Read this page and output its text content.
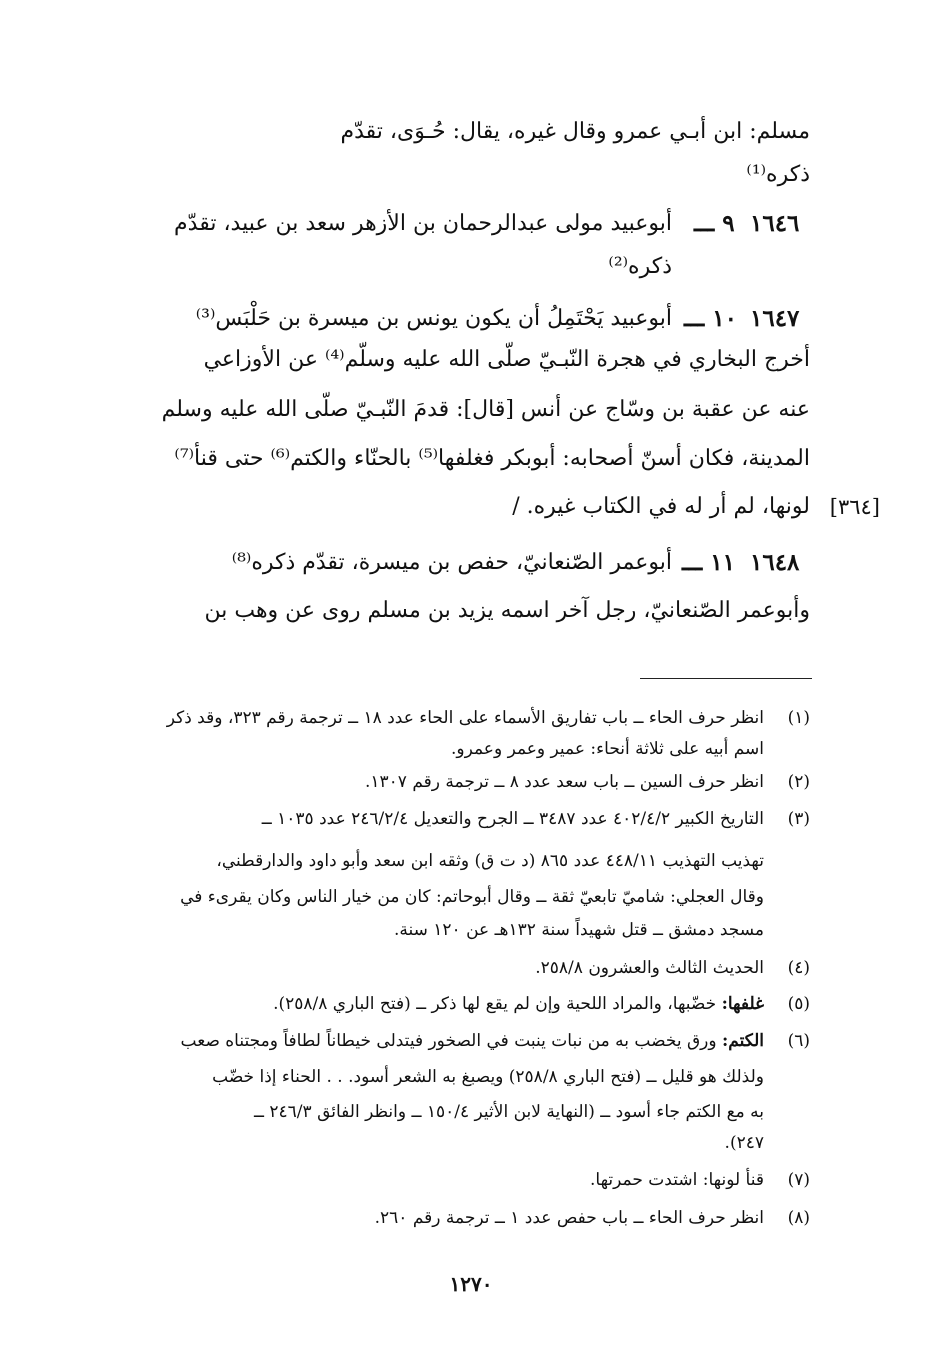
مسلم: ابن أبـي عمرو وقال غيره، يقال: حُـوَى، تقدّم
ذكره⁽¹⁾
١٦٤٦
٩ ـــ
أبوعبيد مولى عبدالرحمان بن الأزهر سعد بن عبيد، تقدّم
ذكره⁽²⁾
١٦٤٧
١٠ ـــ
أبوعبيد يَحْتَمِلُ أن يكون يونس بن ميسرة بن حَلْبَس⁽³⁾
أخرج البخاري في هجرة النّبـيّ صلّى الله عليه وسلّم⁽⁴⁾ عن الأوزاعي
عنه عن عقبة بن وسّاج عن أنس [قال]: قدمَ النّبـيّ صلّى الله عليه وسلم
المدينة، فكان أسنّ أصحابه: أبوبكر فغلفها⁽⁵⁾ بالحنّاء والكتم⁽⁶⁾ حتى قنأ⁽⁷⁾
[٣٦٤]
لونها، لم أر له في الكتاب غيره. /
١٦٤٨
١١ ـــ
أبوعمر الصّنعانيّ، حفص بن ميسرة، تقدّم ذكره⁽⁸⁾
وأبوعمر الصّنعانيّ، رجل آخر اسمه يزيد بن مسلم روى عن وهب بن
(١)
انظر حرف الحاء ــ باب تفاريق الأسماء على الحاء عدد ١٨ ــ ترجمة رقم ٣٢٣، وقد ذكر
اسم أبيه على ثلاثة أنحاء: عمير وعمر وعمرو.
(٢)
انظر حرف السين ــ باب سعد عدد ٨ ــ ترجمة رقم ١٣٠٧.
(٣)
التاريخ الكبير ٤٠٢/٤/٢ عدد ٣٤٨٧ ــ الجرح والتعديل ٢٤٦/٢/٤ عدد ١٠٣٥ ــ
تهذيب التهذيب ٤٤٨/١١ عدد ٨٦٥ (د ت ق) وثقه ابن سعد وأبو داود والدارقطني،
وقال العجلي: شاميّ تابعيّ ثقة ــ وقال أبوحاتم: كان من خيار الناس وكان يقرىء في
مسجد دمشق ــ قتل شهيداً سنة ١٣٢هـ عن ١٢٠ سنة.
(٤)
الحديث الثالث والعشرون ٢٥٨/٨.
(٥)
غلفها: خضّبها، والمراد اللحية وإن لم يقع لها ذكر ــ (فتح الباري ٢٥٨/٨).
(٦)
الكتم: ورق يخضب به من نبات ينبت في الصخور فيتدلى خيطاناً لطافاً ومجتناه صعب
ولذلك هو قليل ــ (فتح الباري ٢٥٨/٨) ويصبغ به الشعر أسود. . . الحناء إذا خضّب
به مع الكتم جاء أسود ــ (النهاية لابن الأثير ١٥٠/٤ ــ وانظر الفائق ٢٤٦/٣ ــ
٢٤٧).
(٧)
قنأ لونها: اشتدت حمرتها.
(٨)
انظر حرف الحاء ــ باب حفص عدد ١ ــ ترجمة رقم ٢٦٠.
١٢٧٠
